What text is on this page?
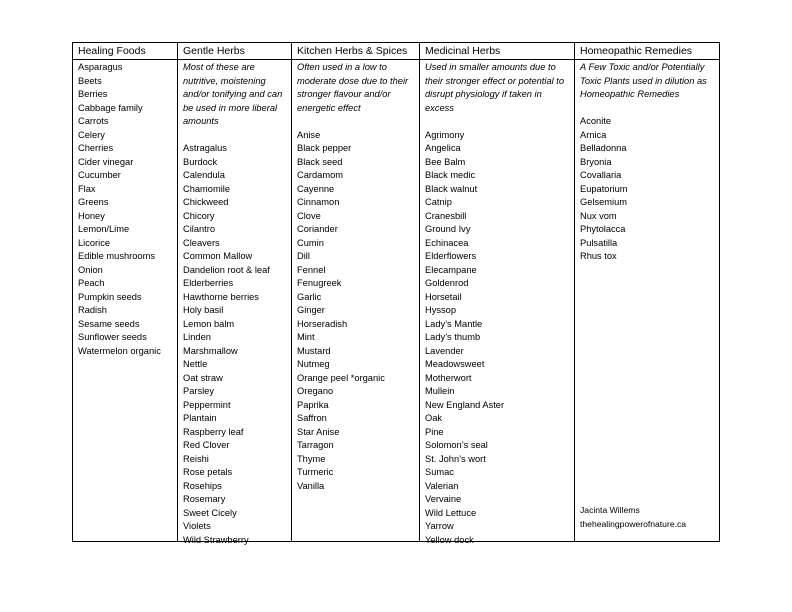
Healing Foods
Asparagus
Beets
Berries
Cabbage family
Carrots
Celery
Cherries
Cider vinegar
Cucumber
Flax
Greens
Honey
Lemon/Lime
Licorice
Edible mushrooms
Onion
Peach
Pumpkin seeds
Radish
Sesame seeds
Sunflower seeds
Watermelon organic
Gentle Herbs

Most of these are nutritive, moistening and/or tonifying and can be used in more liberal amounts

Astragalus
Burdock
Calendula
Chamomile
Chickweed
Chicory
Cilantro
Cleavers
Common Mallow
Dandelion root & leaf
Elderberries
Hawthorne berries
Holy basil
Lemon balm
Linden
Marshmallow
Nettle
Oat straw
Parsley
Peppermint
Plantain
Raspberry leaf
Red Clover
Reishi
Rose petals
Rosehips
Rosemary
Sweet Cicely
Violets
Wild Strawberry
Kitchen Herbs & Spices

Often used in a low to moderate dose due to their stronger flavour and/or energetic effect

Anise
Black pepper
Black seed
Cardamom
Cayenne
Cinnamon
Clove
Coriander
Cumin
Dill
Fennel
Fenugreek
Garlic
Ginger
Horseradish
Mint
Mustard
Nutmeg
Orange peel *organic
Oregano
Paprika
Saffron
Star Anise
Tarragon
Thyme
Turmeric
Vanilla
Medicinal Herbs

Used in smaller amounts due to their stronger effect or potential to disrupt physiology if taken in excess

Agrimony
Angelica
Bee Balm
Black medic
Black walnut
Catnip
Cranesbill
Ground Ivy
Echinacea
Elderflowers
Elecampane
Goldenrod
Horsetail
Hyssop
Lady’s Mantle
Lady’s thumb
Lavender
Meadowsweet
Motherwort
Mullein
New England Aster
Oak
Pine
Solomon’s seal
St. John’s wort
Sumac
Valerian
Vervaine
Wild Lettuce
Yarrow
Yellow dock
Homeopathic Remedies

A Few Toxic and/or Potentially Toxic Plants used in dilution as Homeopathic Remedies

Aconite
Arnica
Belladonna
Bryonia
Covallaria
Eupatorium
Gelsemium
Nux vom
Phytolacca
Pulsatilla
Rhus tox
Jacinta Willems
thehealingpowerofnature.ca
